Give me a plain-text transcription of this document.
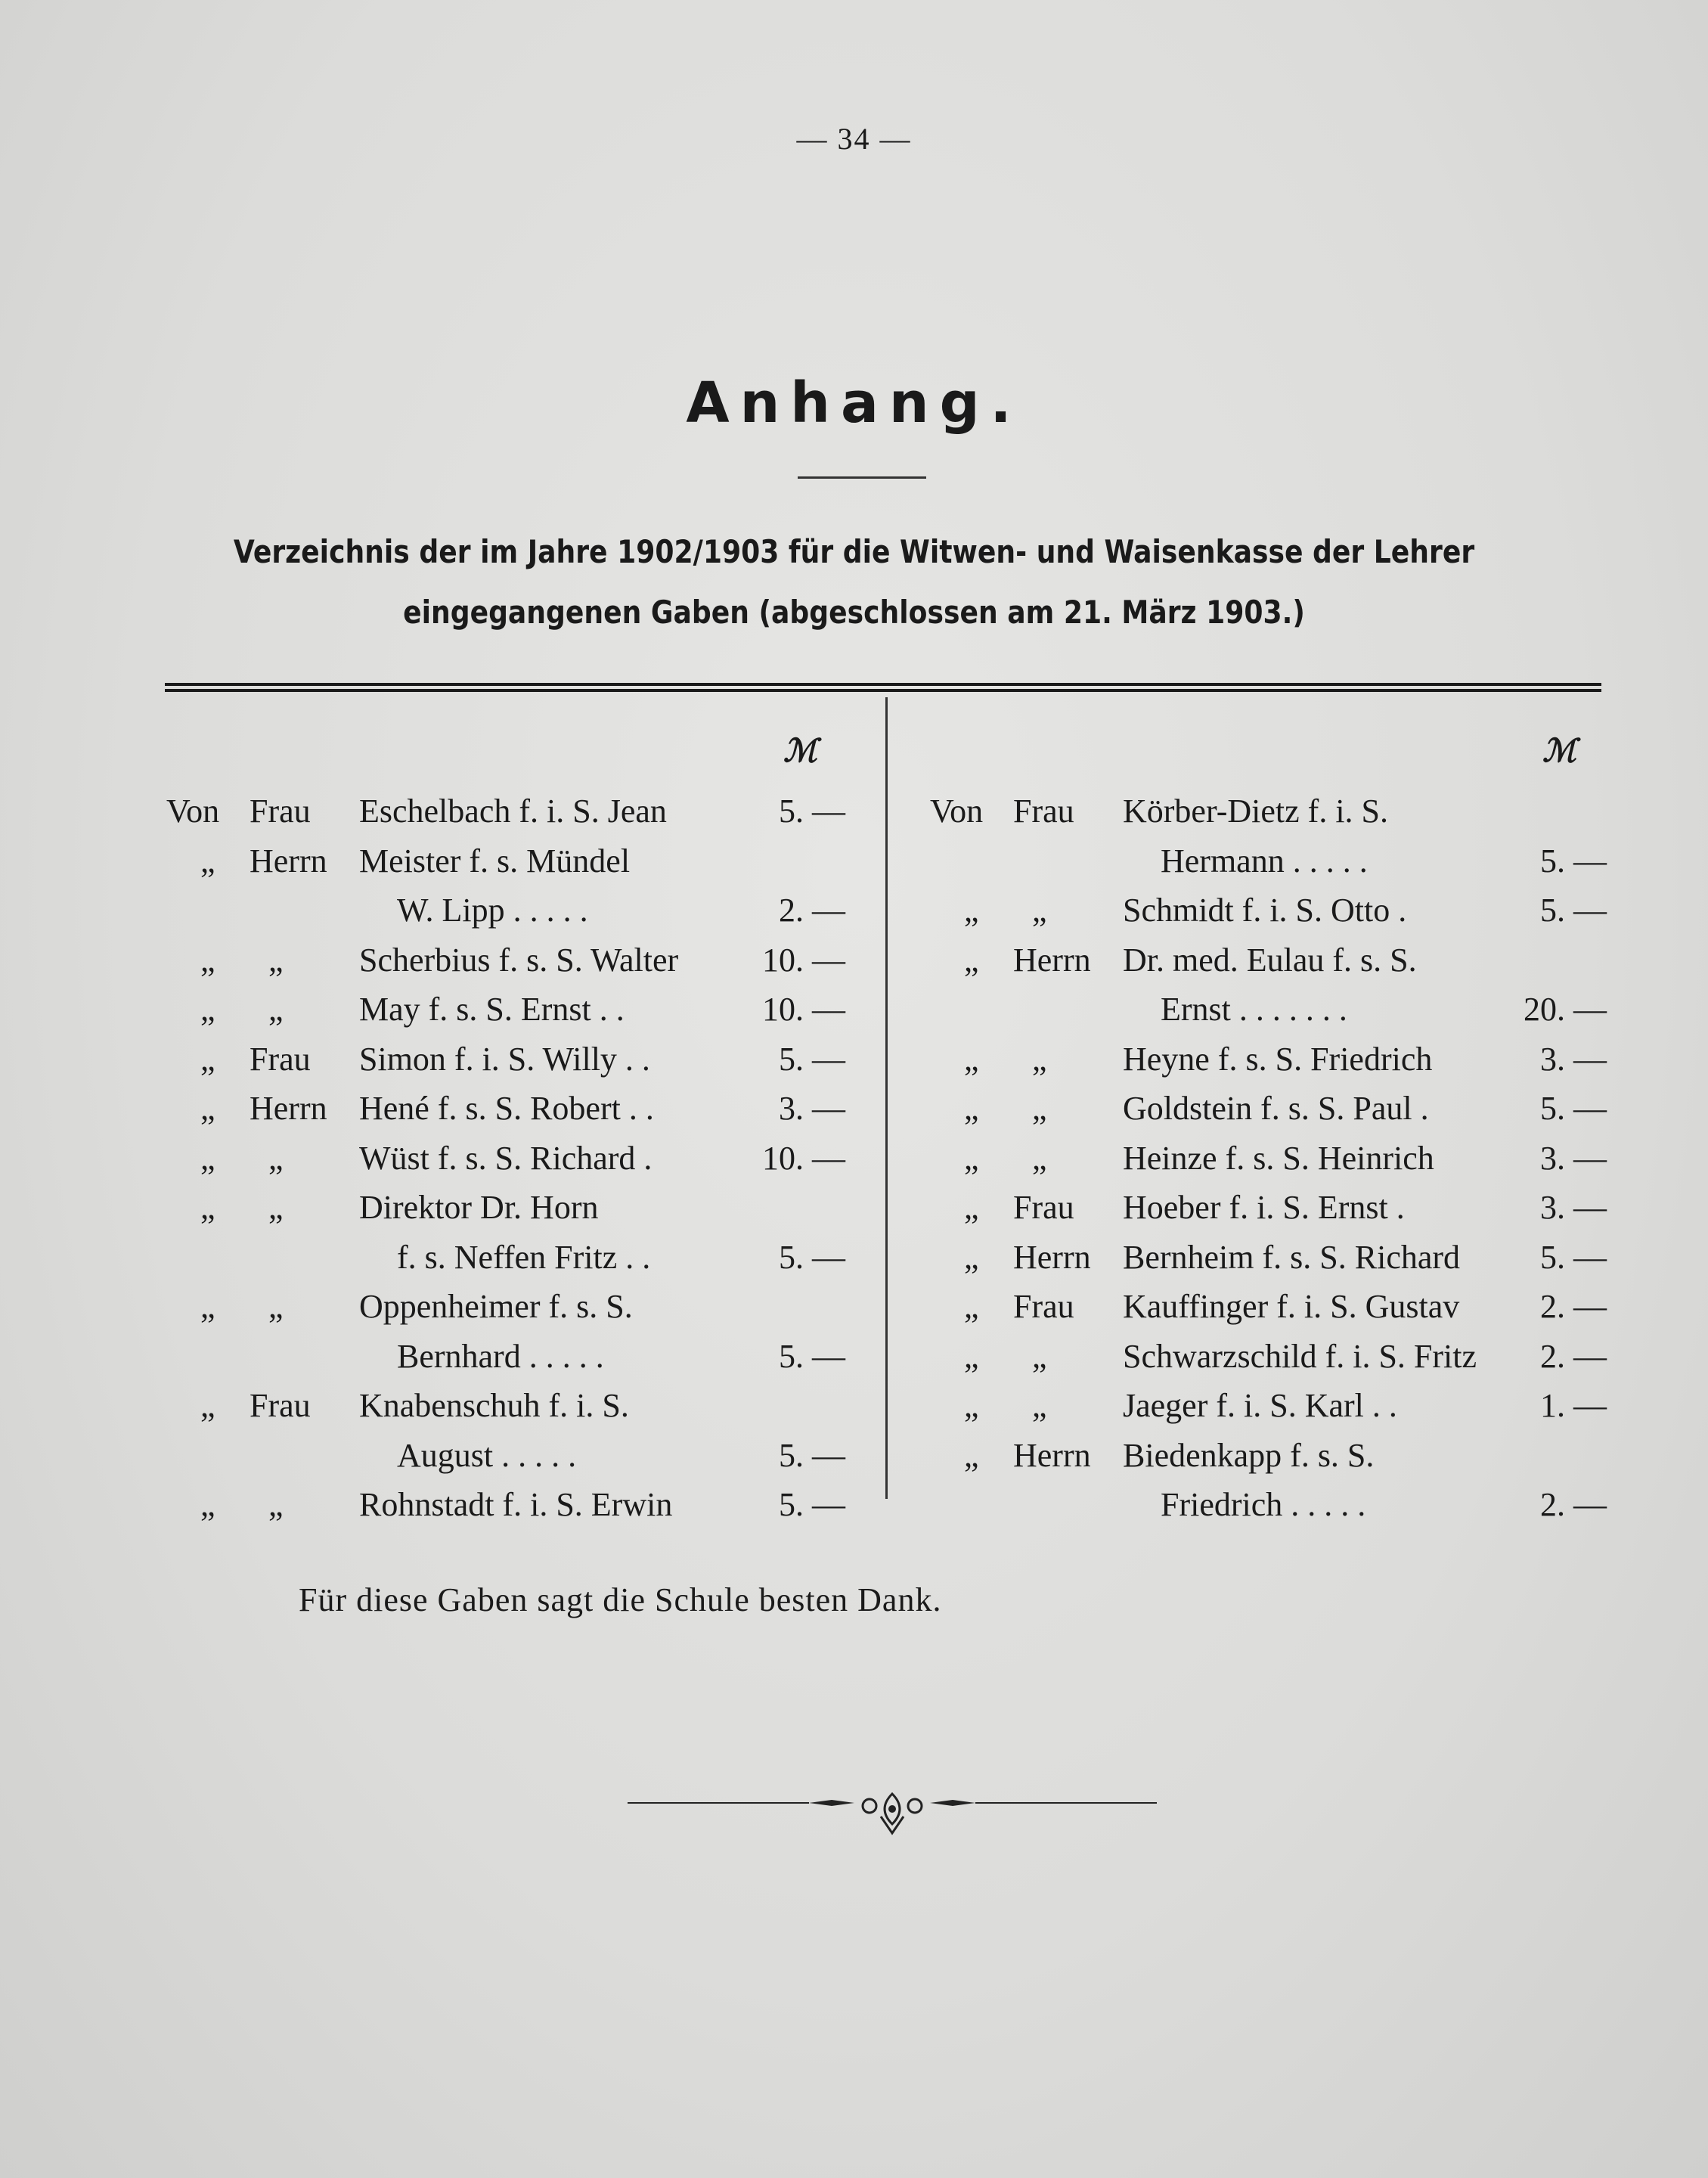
— 34 —
Anhang.
Verzeichnis der im Jahre 1902/1903 für die Witwen- und Waisenkasse der Lehrer
eingegangenen Gaben (abgeschlossen am 21. März 1903.)
ℳ	ℳ
Von Frau Eschelbach f. i. S. Jean	5. —
„ Herrn Meister f. s. Mündel
W. Lipp . . . . .	2. —
„ „ Scherbius f. s. S. Walter	10. —
„ „ May f. s. S. Ernst . .	10. —
„ Frau Simon f. i. S. Willy . .	5. —
„ Herrn Hené f. s. S. Robert . .	3. —
„ „ Wüst f. s. S. Richard .	10. —
„ „ Direktor Dr. Horn
f. s. Neffen Fritz . .	5. —
„ „ Oppenheimer f. s. S.
Bernhard . . . . .	5. —
„ Frau Knabenschuh f. i. S.
August . . . . .	5. —
„ „ Rohnstadt f. i. S. Erwin	5. —
Von Frau Körber-Dietz f. i. S.
Hermann . . . . .	5. —
„ „ Schmidt f. i. S. Otto .	5. —
„ Herrn Dr. med. Eulau f. s. S.
Ernst . . . . . . .	20. —
„ „ Heyne f. s. S. Friedrich	3. —
„ „ Goldstein f. s. S. Paul .	5. —
„ „ Heinze f. s. S. Heinrich	3. —
„ Frau Hoeber f. i. S. Ernst .	3. —
„ Herrn Bernheim f. s. S. Richard 5. —
„ Frau Kauffinger f. i. S. Gustav 2. —
„ „ Schwarzschild f. i. S. Fritz 2. —
„ „ Jaeger f. i. S. Karl . .	1. —
„ Herrn Biedenkapp f. s. S.
Friedrich . . . . .	2. —
Für diese Gaben sagt die Schule besten Dank.
